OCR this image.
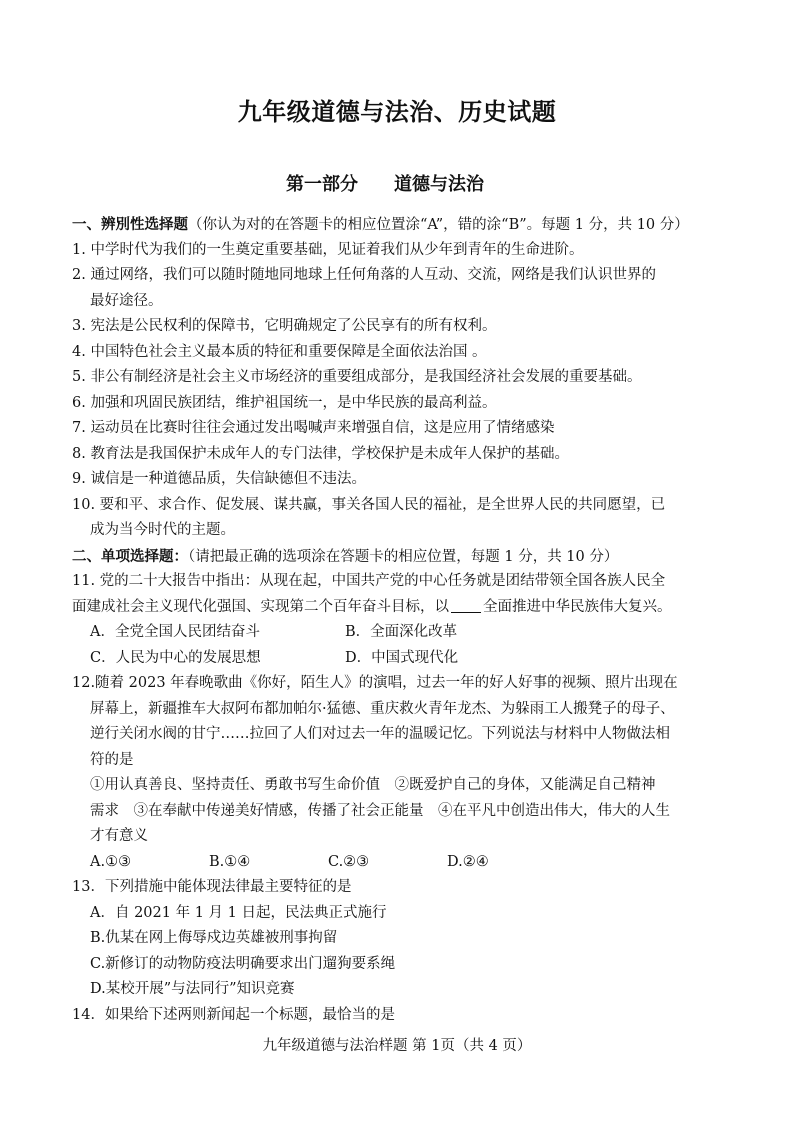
九年级道德与法治、历史试题
第一部分 道德与法治
一、辨別性选择题（你认为对的在答题卡的相应位置涂“A”，错的涂“B”。每题 1 分，共 10 分）
1. 中学时代为我们的一生奠定重要基础，见证着我们从少年到青年的生命进阶。
2. 通过网络，我们可以随时随地同地球上任何角落的人互动、交流，网络是我们认识世界的
最好途径。
3. 宪法是公民权利的保障书，它明确规定了公民享有的所有权利。
4. 中国特色社会主义最本质的特征和重要保障是全面依法治国 。
5. 非公有制经济是社会主义市场经济的重要组成部分，是我国经济社会发展的重要基础。
6. 加强和巩固民族团结，维护祖国统一，是中华民族的最高利益。
7. 运动员在比赛时往往会通过发出喝喊声来增强自信，这是应用了情绪感染
8. 教育法是我国保护未成年人的专门法律，学校保护是未成年人保护的基础。
9. 诚信是一种道德品质，失信缺德但不违法。
10. 要和平、求合作、促发展、谋共赢，事关各国人民的福祉，是全世界人民的共同愿望，已
成为当今时代的主题。
二、单项选择题：（请把最正确的选项涂在答题卡的相应位置，每题 1 分，共 10 分）
11. 党的二十大报告中指出：从现在起，中国共产党的中心任务就是团结带领全国各族人民全
面建成社会主义现代化强国、实现第二个百年奋斗目标，以 全面推进中华民族伟大复兴。
A．全党全国人民团结奋斗	B．全面深化改革
C．人民为中心的发展思想	D．中国式现代化
12.随着 2023 年春晚歌曲《你好，陌生人》的演唱，过去一年的好人好事的视频、照片出现在
屏幕上，新疆推车大叔阿布都加帕尔·猛德、重庆救火青年龙杰、为躲雨工人搬凳子的母子、
逆行关闭水阀的甘宁……拉回了人们对过去一年的温暖记忆。下列说法与材料中人物做法相
符的是
①用认真善良、坚持责任、勇敢书写生命价值　②既爱护自己的身体，又能满足自己精神
需求　③在奉献中传递美好情感，传播了社会正能量　④在平凡中创造出伟大，伟大的人生
才有意义
A.①③	B.①④	C.②③	D.②④
13．下列措施中能体现法律最主要特征的是
A．自 2021 年 1 月 1 日起，民法典正式施行
B.仇某在网上侮辱戍边英雄被刑事拘留
C.新修订的动物防疫法明确要求出门遛狗要系绳
D.某校开展”与法同行”知识竞赛
14．如果给下述两则新闻起一个标题，最恰当的是
九年级道德与法治样题 第 1页（共 4 页）
